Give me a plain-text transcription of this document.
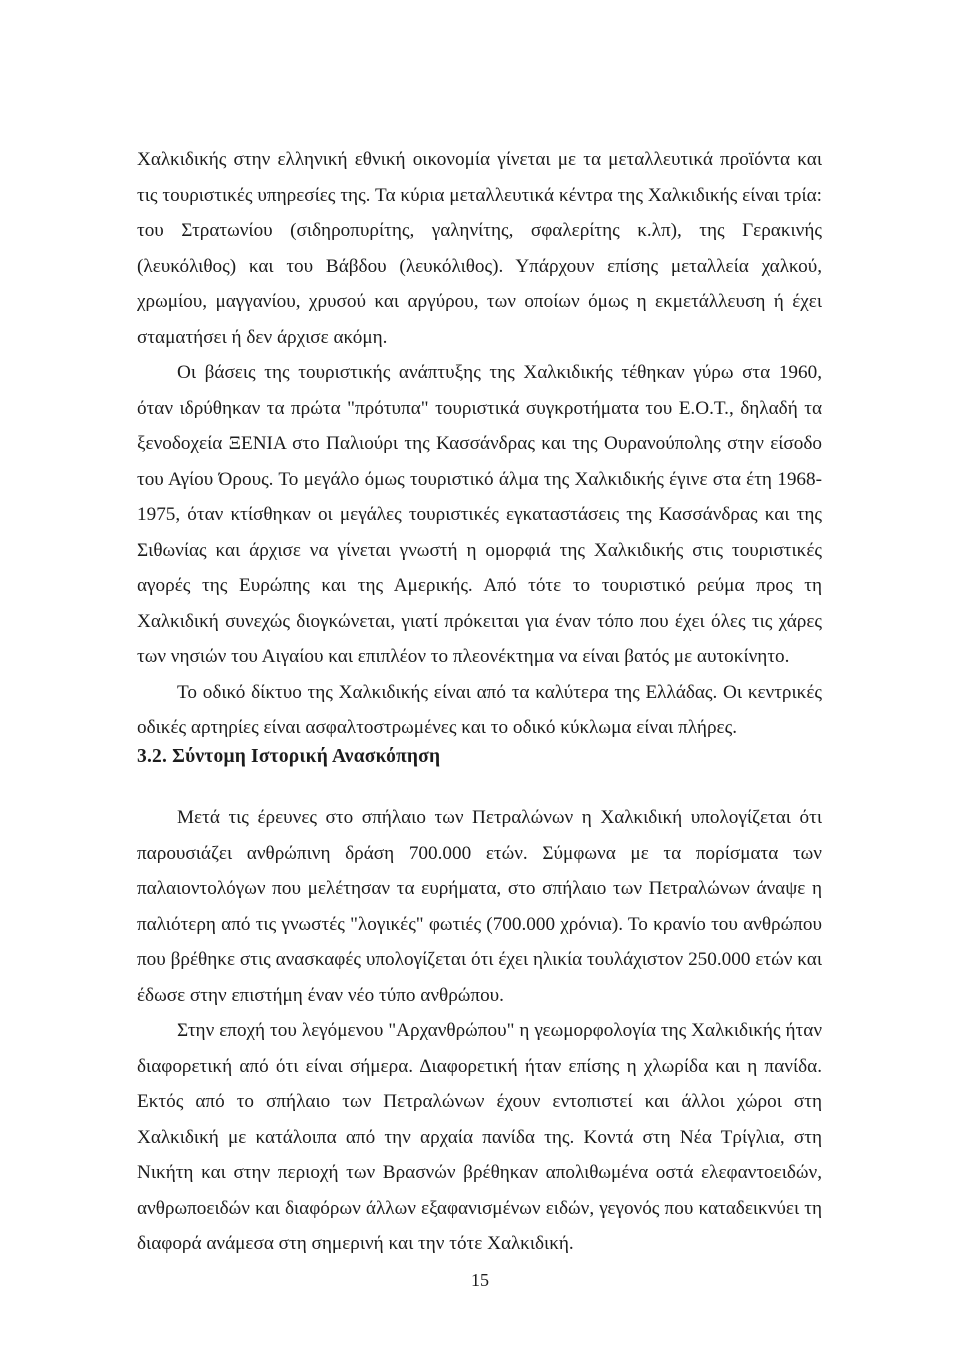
Χαλκιδικής στην ελληνική εθνική οικονομία γίνεται με τα μεταλλευτικά προϊόντα και τις τουριστικές υπηρεσίες της. Τα κύρια μεταλλευτικά κέντρα της Χαλκιδικής είναι τρία: του Στρατωνίου (σιδηροπυρίτης, γαληνίτης, σφαλερίτης κ.λπ), της Γερακινής (λευκόλιθος) και του Βάβδου (λευκόλιθος). Υπάρχουν επίσης μεταλλεία χαλκού, χρωμίου, μαγγανίου, χρυσού και αργύρου, των οποίων όμως η εκμετάλλευση ή έχει σταματήσει ή δεν άρχισε ακόμη.

Οι βάσεις της τουριστικής ανάπτυξης της Χαλκιδικής τέθηκαν γύρω στα 1960, όταν ιδρύθηκαν τα πρώτα "πρότυπα" τουριστικά συγκροτήματα του Ε.Ο.Τ., δηλαδή τα ξενοδοχεία ΞΕΝΙΑ στο Παλιούρι της Κασσάνδρας και της Ουρανούπολης στην είσοδο του Αγίου Όρους. Το μεγάλο όμως τουριστικό άλμα της Χαλκιδικής έγινε στα έτη 1968-1975, όταν κτίσθηκαν οι μεγάλες τουριστικές εγκαταστάσεις της Κασσάνδρας και της Σιθωνίας και άρχισε να γίνεται γνωστή η ομορφιά της Χαλκιδικής στις τουριστικές αγορές της Ευρώπης και της Αμερικής. Από τότε το τουριστικό ρεύμα προς τη Χαλκιδική συνεχώς διογκώνεται, γιατί πρόκειται για έναν τόπο που έχει όλες τις χάρες των νησιών του Αιγαίου και επιπλέον το πλεονέκτημα να είναι βατός με αυτοκίνητο.

Το οδικό δίκτυο της Χαλκιδικής είναι από τα καλύτερα της Ελλάδας. Οι κεντρικές οδικές αρτηρίες είναι ασφαλτοστρωμένες και το οδικό κύκλωμα είναι πλήρες.

3.2. Σύντομη Ιστορική Ανασκόπηση

Μετά τις έρευνες στο σπήλαιο των Πετραλώνων η Χαλκιδική υπολογίζεται ότι παρουσιάζει ανθρώπινη δράση 700.000 ετών. Σύμφωνα με τα πορίσματα των παλαιοντολόγων που μελέτησαν τα ευρήματα, στο σπήλαιο των Πετραλώνων άναψε η παλιότερη από τις γνωστές "λογικές" φωτιές (700.000 χρόνια). Το κρανίο του ανθρώπου που βρέθηκε στις ανασκαφές υπολογίζεται ότι έχει ηλικία τουλάχιστον 250.000 ετών και έδωσε στην επιστήμη έναν νέο τύπο ανθρώπου.

Στην εποχή του λεγόμενου "Αρχανθρώπου" η γεωμορφολογία της Χαλκιδικής ήταν διαφορετική από ότι είναι σήμερα. Διαφορετική ήταν επίσης η χλωρίδα και η πανίδα. Εκτός από το σπήλαιο των Πετραλώνων έχουν εντοπιστεί και άλλοι χώροι στη Χαλκιδική με κατάλοιπα από την αρχαία πανίδα της. Κοντά στη Νέα Τρίγλια, στη Νικήτη και στην περιοχή των Βρασνών βρέθηκαν απολιθωμένα οστά ελεφαντοειδών, ανθρωποειδών και διαφόρων άλλων εξαφανισμένων ειδών, γεγονός που καταδεικνύει τη διαφορά ανάμεσα στη σημερινή και την τότε Χαλκιδική.

15
